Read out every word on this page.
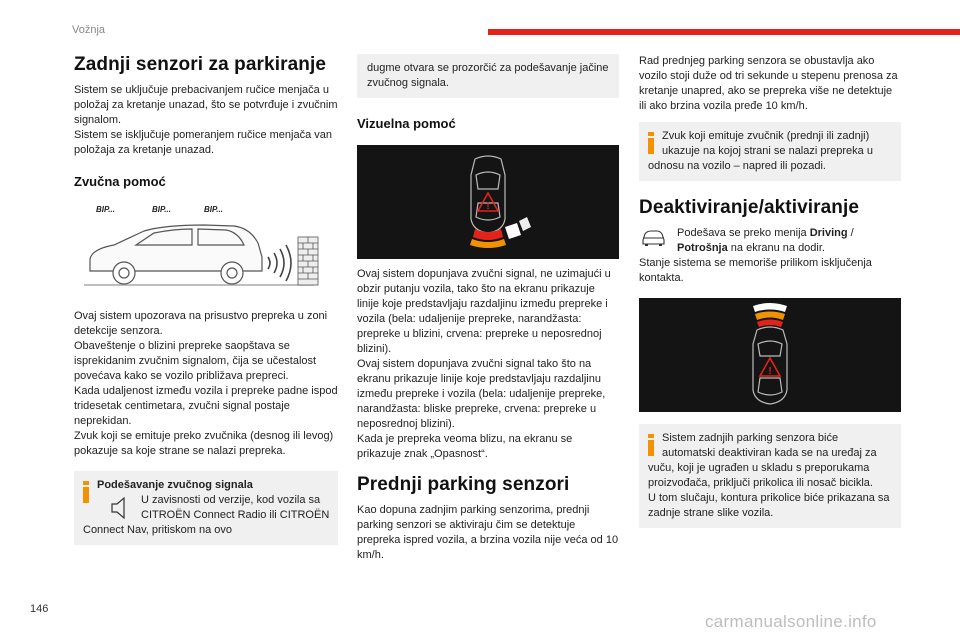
Vožnja
Zadnji senzori za parkiranje

Sistem se uključuje prebacivanjem ručice menjača u položaj za kretanje unazad, što se potvrđuje i zvučnim signalom.

Sistem se isključuje pomeranjem ručice menjača van položaja za kretanje unazad.

Zvučna pomoć
BIP...	BIP...	BIP...

Ovaj sistem upozorava na prisustvo prepreka u zoni detekcije senzora.

Obaveštenje o blizini prepreke saopštava se isprekidanim zvučnim signalom, čija se učestalost povećava kako se vozilo približava prepreci.

Kada udaljenost između vozila i prepreke padne ispod tridesetak centimetara, zvučni signal postaje neprekidan.

Zvuk koji se emituje preko zvučnika (desnog ili levog) pokazuje sa koje strane se nalazi prepreka.

Podešavanje zvučnog signala

U zavisnosti od verzije, kod vozila sa CITROËN Connect Radio ili CITROËN Connect Nav, pritiskom na ovo

dugme otvara se prozorčić za podešavanje jačine zvučnog signala.

Vizuelna pomoć
!

Ovaj sistem dopunjava zvučni signal, ne uzimajući u obzir putanju vozila, tako što na ekranu prikazuje linije koje predstavljaju razdaljinu između prepreke i vozila (bela: udaljenije prepreke, narandžasta: prepreke u blizini, crvena: prepreke u neposrednoj blizini).

Ovaj sistem dopunjava zvučni signal tako što na ekranu prikazuje linije koje predstavljaju razdaljinu između prepreke i vozila (bela: udaljenije prepreke, narandžasta: bliske prepreke, crvena: prepreke u neposrednoj blizini).

Kada je prepreka veoma blizu, na ekranu se prikazuje znak „Opasnost“.

Prednji parking senzori

Kao dopuna zadnjim parking senzorima, prednji parking senzori se aktiviraju čim se detektuje prepreka ispred vozila, a brzina vozila nije veća od 10 km/h.

Rad prednjeg parking senzora se obustavlja ako vozilo stoji duže od tri sekunde u stepenu prenosa za kretanje unapred, ako se prepreka više ne detektuje ili ako brzina vozila pređe 10 km/h.

Zvuk koji emituje zvučnik (prednji ili zadnji) ukazuje na kojoj strani se nalazi prepreka u odnosu na vozilo – napred ili pozadi.

Deaktiviranje/aktiviranje

Podešava se preko menija Driving / Potrošnja na ekranu na dodir.

Stanje sistema se memoriše prilikom isključenja kontakta.

!

Sistem zadnjih parking senzora biće automatski deaktiviran kada se na uređaj za vuču, koji je ugrađen u skladu s preporukama proizvođača, priključi prikolica ili nosač bicikla.

U tom slučaju, kontura prikolice biće prikazana sa zadnje strane slike vozila.

146
carmanualsonline.info
